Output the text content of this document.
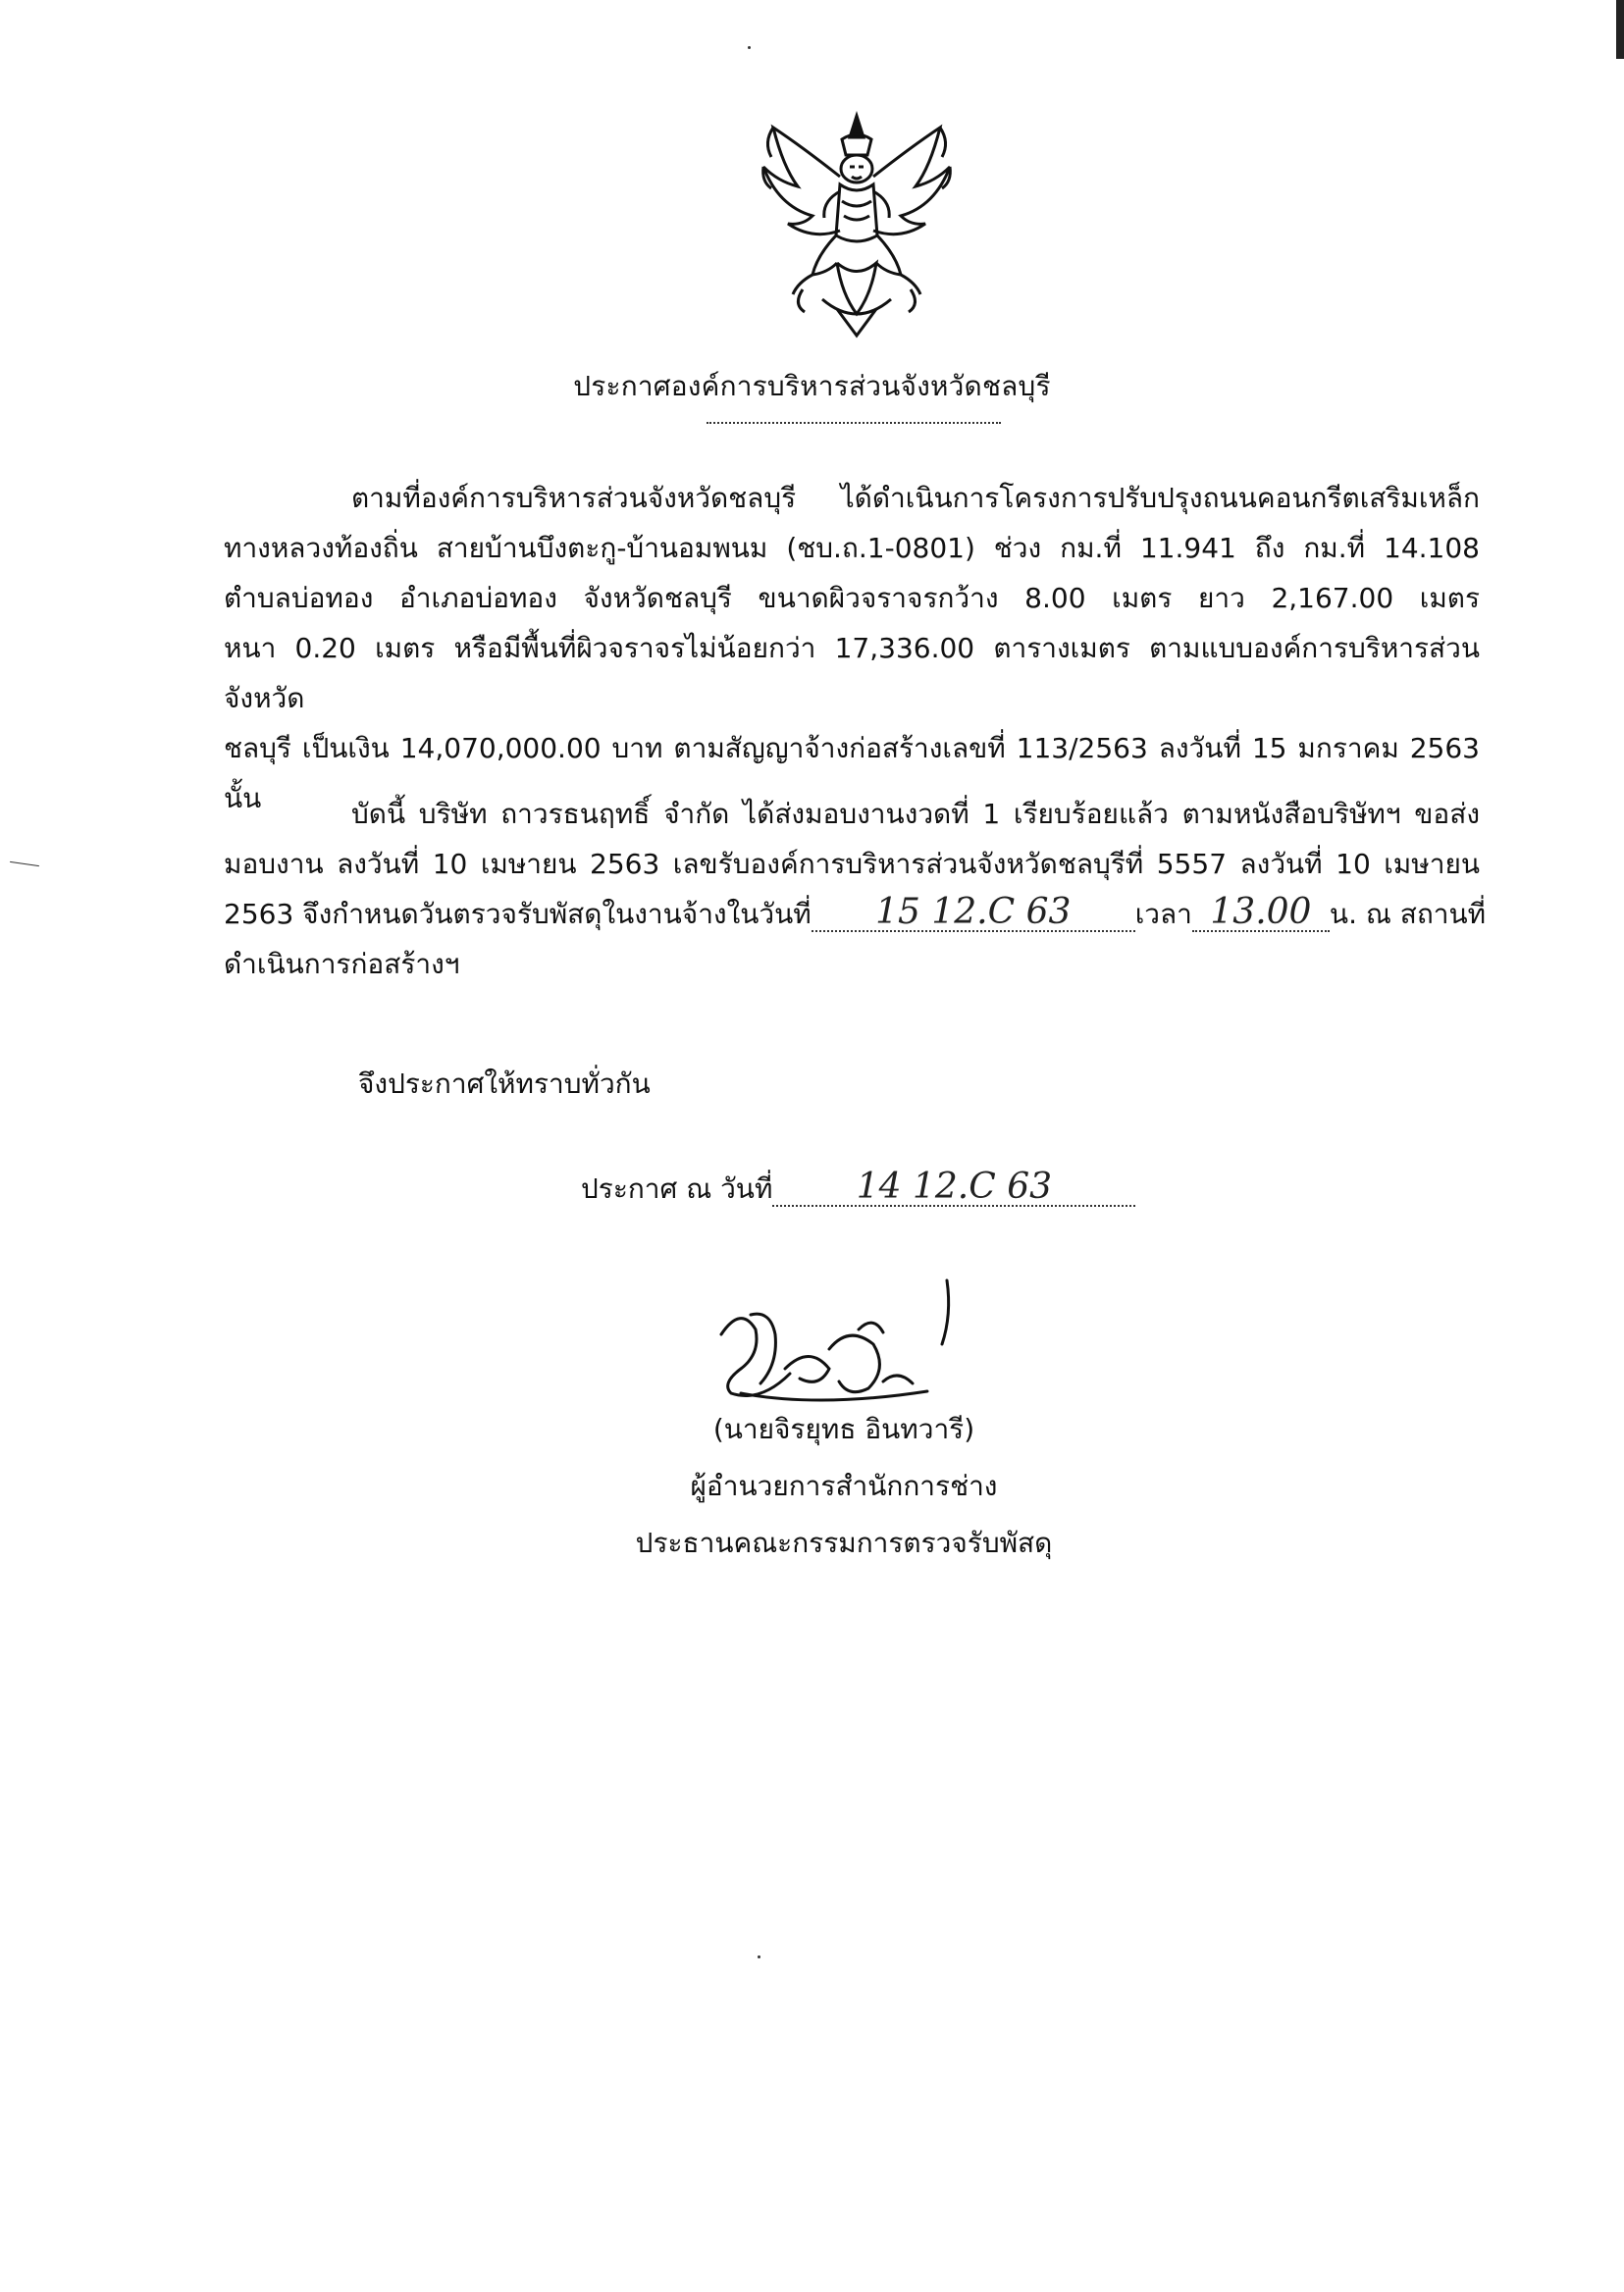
ประกาศองค์การบริหารส่วนจังหวัดชลบุรี
ตามที่องค์การบริหารส่วนจังหวัดชลบุรี ได้ดำเนินการโครงการปรับปรุงถนนคอนกรีตเสริมเหล็ก
ทางหลวงท้องถิ่น สายบ้านบึงตะกู-บ้านอมพนม (ชบ.ถ.1-0801) ช่วง กม.ที่ 11.941 ถึง กม.ที่ 14.108
ตำบลบ่อทอง อำเภอบ่อทอง จังหวัดชลบุรี ขนาดผิวจราจรกว้าง 8.00 เมตร ยาว 2,167.00 เมตร
หนา 0.20 เมตร หรือมีพื้นที่ผิวจราจรไม่น้อยกว่า 17,336.00 ตารางเมตร ตามแบบองค์การบริหารส่วนจังหวัด
ชลบุรี เป็นเงิน 14,070,000.00 บาท ตามสัญญาจ้างก่อสร้างเลขที่ 113/2563 ลงวันที่ 15 มกราคม 2563 นั้น	บัดนี้ บริษัท ถาวรธนฤทธิ์ จำกัด ได้ส่งมอบงานงวดที่ 1 เรียบร้อยแล้ว ตามหนังสือบริษัทฯ ขอส่ง
มอบงาน ลงวันที่ 10 เมษายน 2563 เลขรับองค์การบริหารส่วนจังหวัดชลบุรีที่ 5557 ลงวันที่ 10 เมษายน
2563 จึงกำหนดวันตรวจรับพัสดุในงานจ้างในวันที่ 15 12.C 63 เวลา 13.00 น. ณ สถานที่
ดำเนินการก่อสร้างฯ
จึงประกาศให้ทราบทั่วกัน
ประกาศ ณ วันที่ 14 12.C 63
(นายจิรยุทธ อินทวารี)
ผู้อำนวยการสำนักการช่าง
ประธานคณะกรรมการตรวจรับพัสดุ
